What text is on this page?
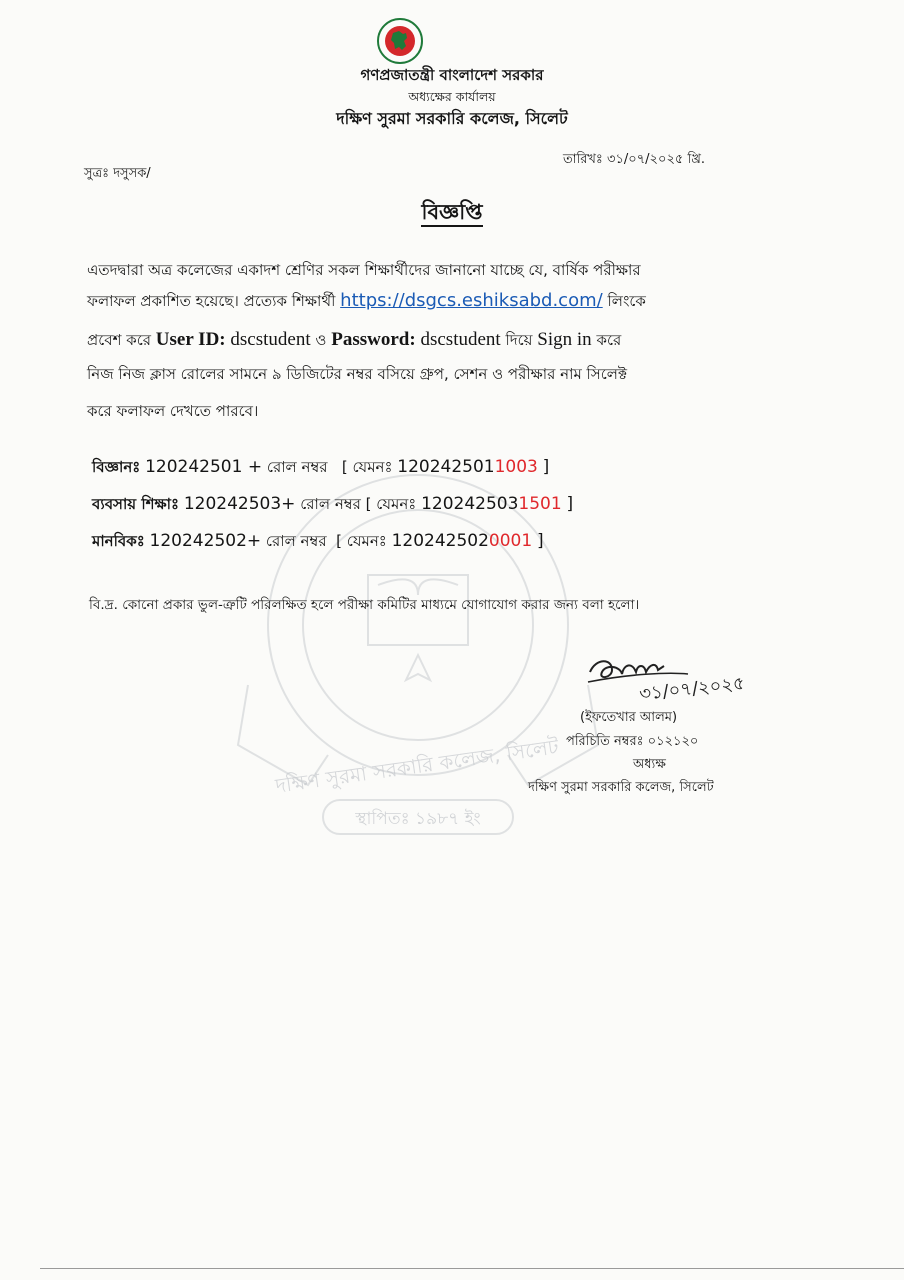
দক্ষিণ সুরমা সরকারি কলেজ, সিলেট
স্থাপিতঃ ১৯৮৭ ইং
গণপ্রজাতন্ত্রী বাংলাদেশ সরকার
অধ্যক্ষের কার্যালয়
দক্ষিণ সুরমা সরকারি কলেজ, সিলেট
সুত্রঃ দসুসক/
তারিখঃ ৩১/০৭/২০২৫ খ্রি.
বিজ্ঞপ্তি
এতদদ্বারা অত্র কলেজের একাদশ শ্রেণির সকল শিক্ষার্থীদের জানানো যাচ্ছে যে, বার্ষিক পরীক্ষার
ফলাফল প্রকাশিত হয়েছে। প্রত্যেক শিক্ষার্থী https://dsgcs.eshiksabd.com/ লিংকে
প্রবেশ করে User ID: dscstudent ও Password: dscstudent দিয়ে Sign in করে
নিজ নিজ ক্লাস রোলের সামনে ৯ ডিজিটের নম্বর বসিয়ে গ্রুপ, সেশন ও পরীক্ষার নাম সিলেক্ট
করে ফলাফল দেখতে পারবে।
বিজ্ঞানঃ 120242501 + রোল নম্বর [ যেমনঃ 1202425011003 ]
ব্যবসায় শিক্ষাঃ 120242503+ রোল নম্বর [ যেমনঃ 1202425031501 ]
মানবিকঃ 120242502+ রোল নম্বর [ যেমনঃ 1202425020001 ]
বি.দ্র. কোনো প্রকার ভুল-ত্রুটি পরিলক্ষিত হলে পরীক্ষা কমিটির মাধ্যমে যোগাযোগ করার জন্য বলা হলো।
৩১/০৭/২০২৫
(ইফতেখার আলম)
পরিচিতি নম্বরঃ ০১২১২০
অধ্যক্ষ
দক্ষিণ সুরমা সরকারি কলেজ, সিলেট
